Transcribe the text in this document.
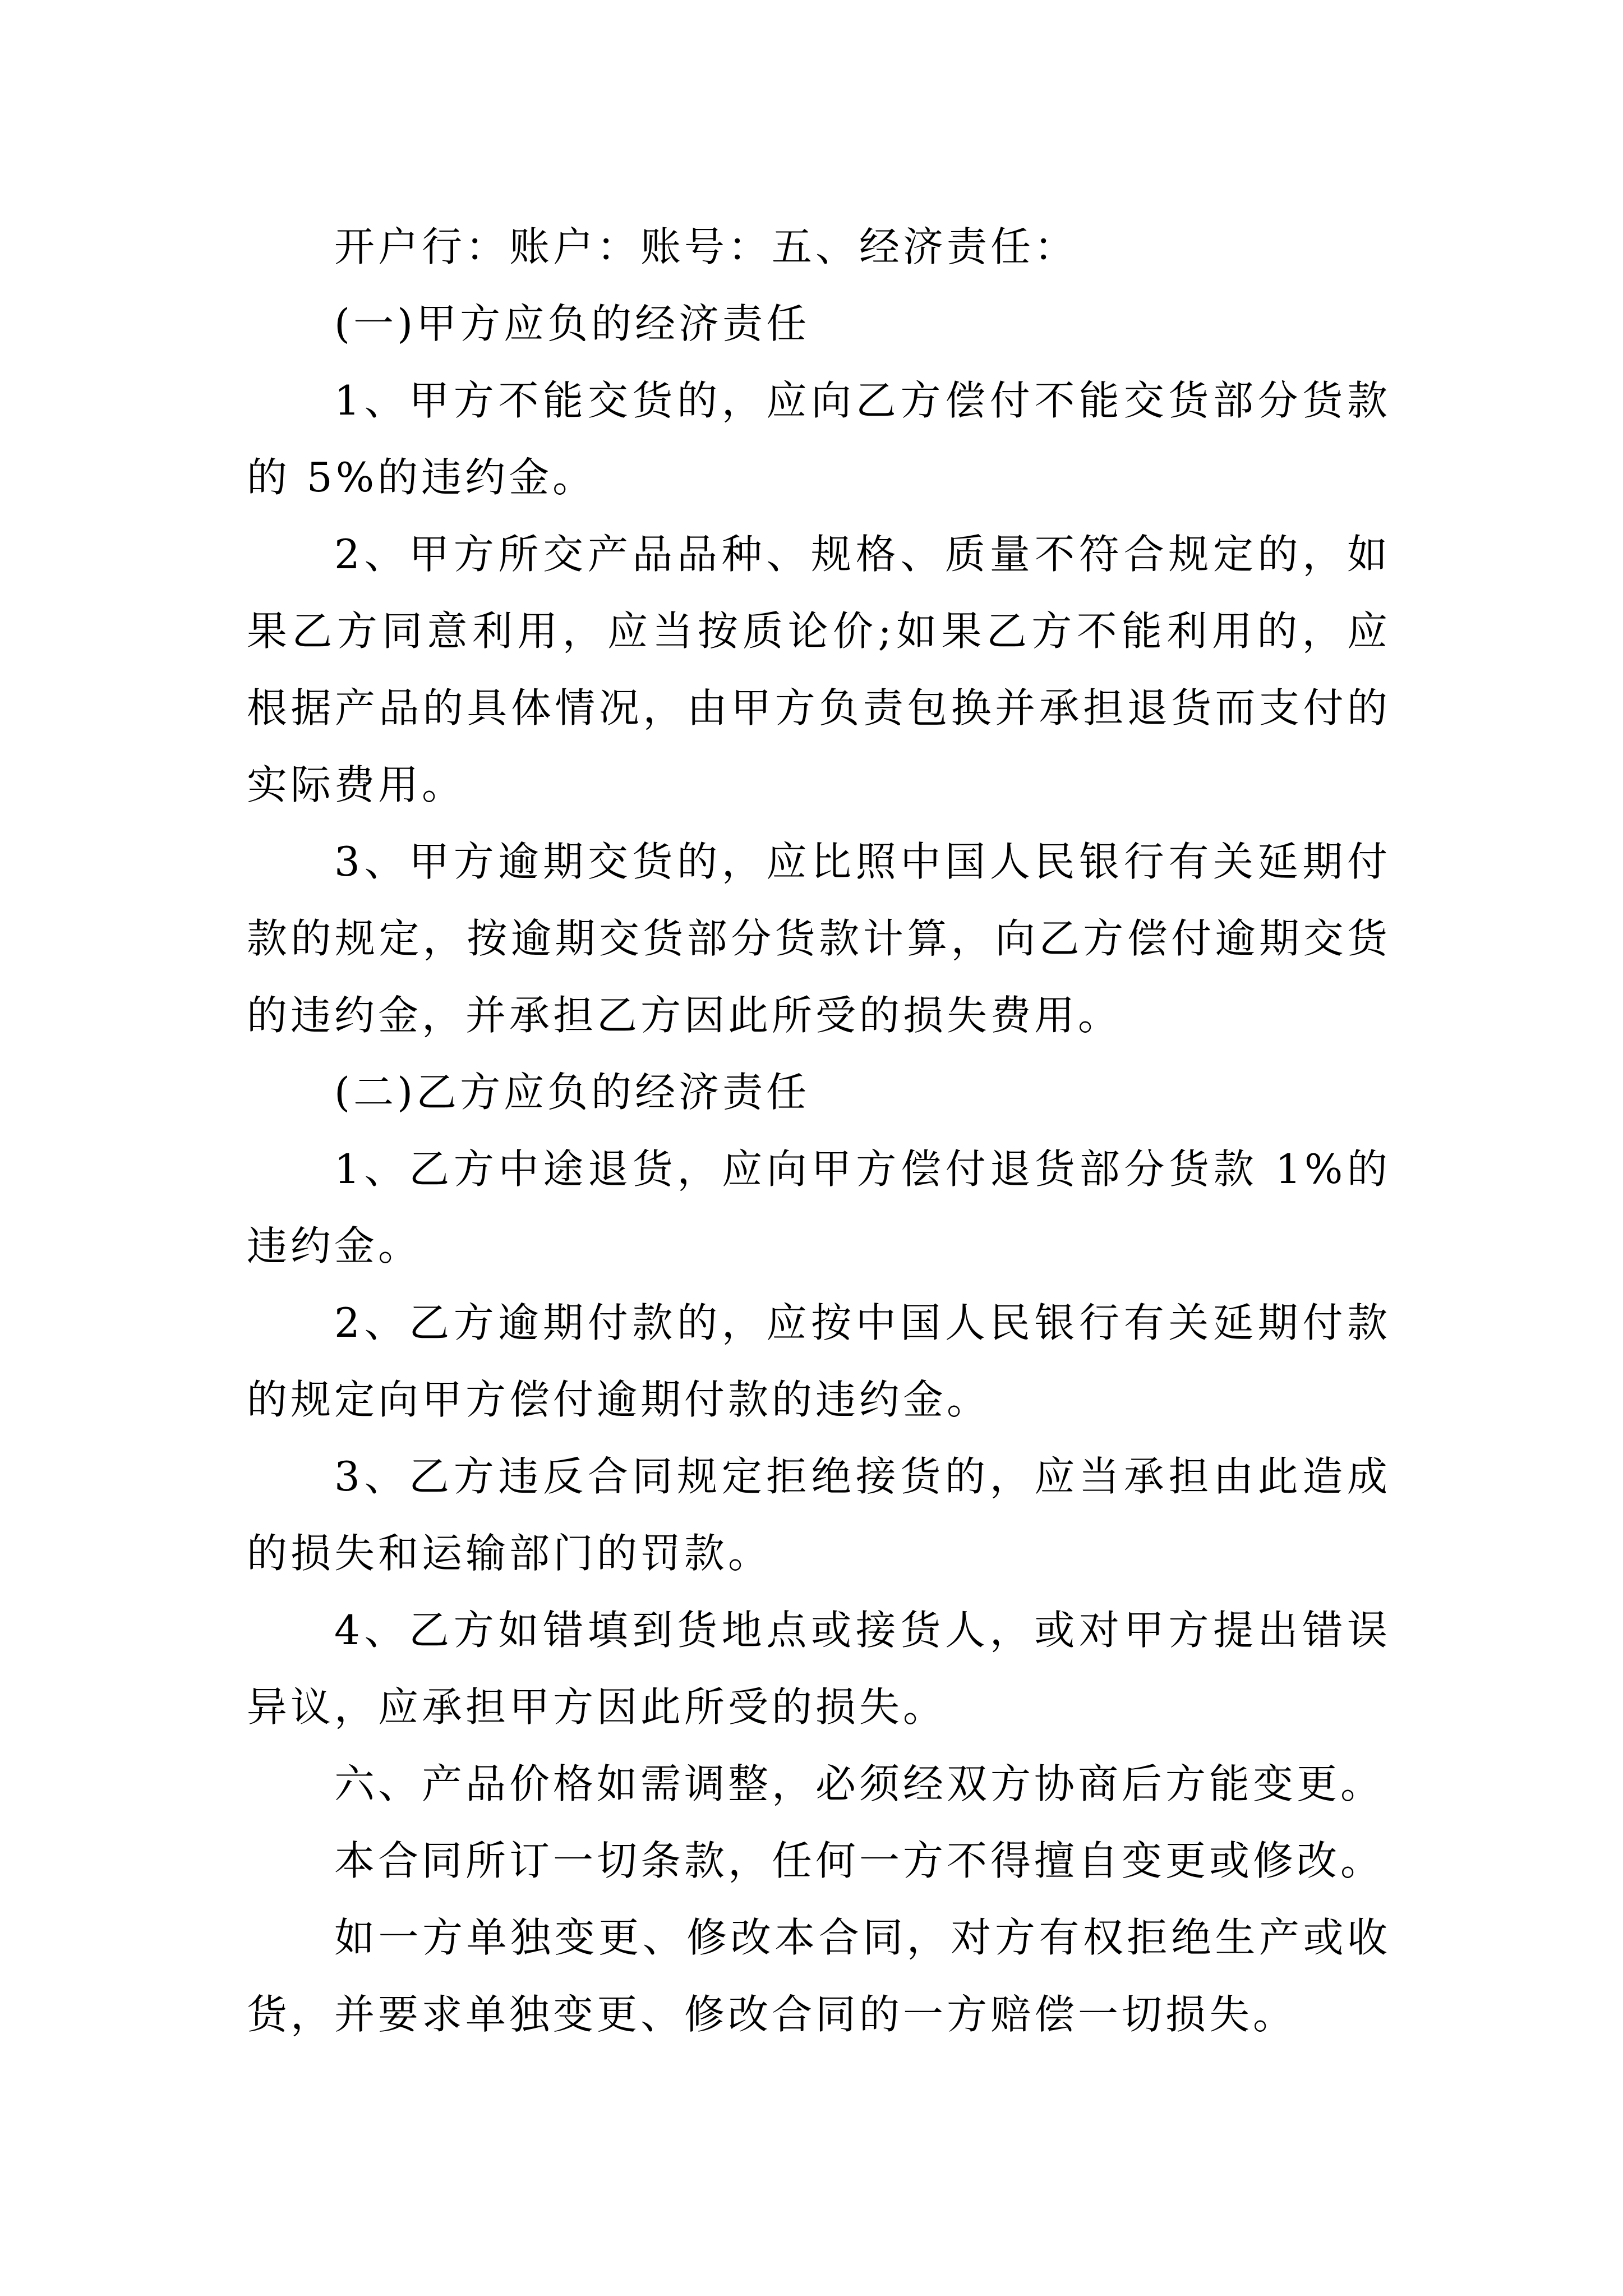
开户行：账户：账号：五、经济责任：

(一)甲方应负的经济责任

1、甲方不能交货的，应向乙方偿付不能交货部分货款的 5%的违约金。

2、甲方所交产品品种、规格、质量不符合规定的，如果乙方同意利用，应当按质论价;如果乙方不能利用的，应根据产品的具体情况，由甲方负责包换并承担退货而支付的实际费用。

3、甲方逾期交货的，应比照中国人民银行有关延期付款的规定，按逾期交货部分货款计算，向乙方偿付逾期交货的违约金，并承担乙方因此所受的损失费用。

(二)乙方应负的经济责任

1、乙方中途退货，应向甲方偿付退货部分货款 1%的违约金。

2、乙方逾期付款的，应按中国人民银行有关延期付款的规定向甲方偿付逾期付款的违约金。

3、乙方违反合同规定拒绝接货的，应当承担由此造成的损失和运输部门的罚款。

4、乙方如错填到货地点或接货人，或对甲方提出错误异议，应承担甲方因此所受的损失。

六、产品价格如需调整，必须经双方协商后方能变更。

本合同所订一切条款，任何一方不得擅自变更或修改。

如一方单独变更、修改本合同，对方有权拒绝生产或收货，并要求单独变更、修改合同的一方赔偿一切损失。
